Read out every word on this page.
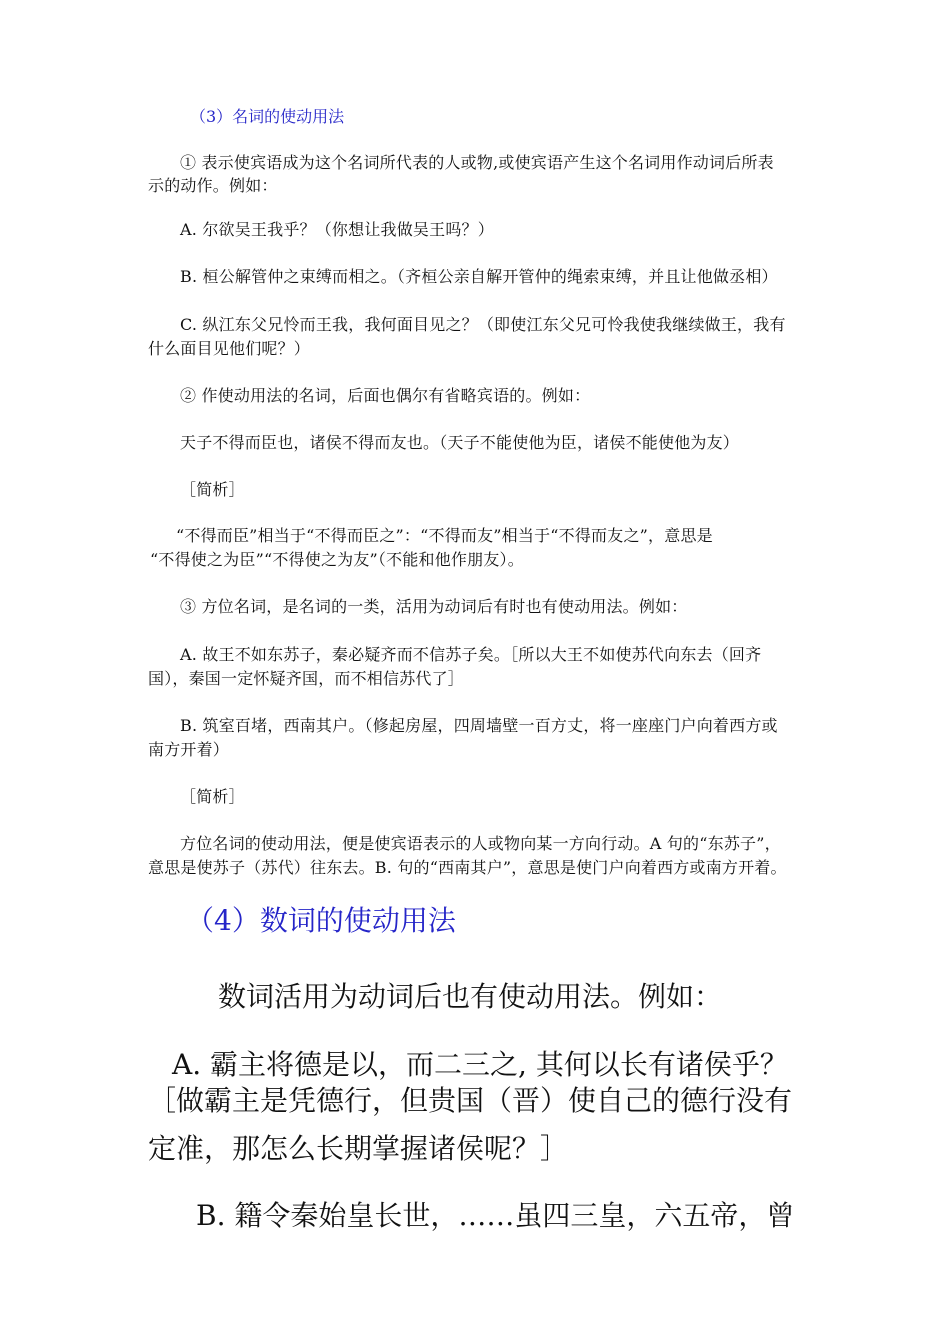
（3）名词的使动用法

① 表示使宾语成为这个名词所代表的人或物,或使宾语产生这个名词用作动词后所表

示的动作。例如：

A. 尔欲吴王我乎？（你想让我做吴王吗？）

B. 桓公解管仲之束缚而相之。（齐桓公亲自解开管仲的绳索束缚，并且让他做丞相）

C. 纵江东父兄怜而王我，我何面目见之？（即使江东父兄可怜我使我继续做王，我有

什么面目见他们呢？）

② 作使动用法的名词，后面也偶尔有省略宾语的。例如：

天子不得而臣也，诸侯不得而友也。（天子不能使他为臣，诸侯不能使他为友）

［简析］

“不得而臣”相当于“不得而臣之”：“不得而友”相当于“不得而友之”，意思是

“不得使之为臣”“不得使之为友”（不能和他作朋友）。

③ 方位名词，是名词的一类，活用为动词后有时也有使动用法。例如：

A. 故王不如东苏子，秦必疑齐而不信苏子矣。［所以大王不如使苏代向东去（回齐

国），秦国一定怀疑齐国，而不相信苏代了］

B. 筑室百堵，西南其户。（修起房屋，四周墙壁一百方丈，将一座座门户向着西方或

南方开着）

［简析］

方位名词的使动用法，便是使宾语表示的人或物向某一方向行动。A 句的“东苏子”，

意思是使苏子（苏代）往东去。B. 句的“西南其户”，意思是使门户向着西方或南方开着。

（4）数词的使动用法

数词活用为动词后也有使动用法。例如：

A. 霸主将德是以，而二三之, 其何以长有诸侯乎？

［做霸主是凭德行，但贵国（晋）使自己的德行没有

定准，那怎么长期掌握诸侯呢？］

B. 籍令秦始皇长世，……虽四三皇，六五帝，曾
